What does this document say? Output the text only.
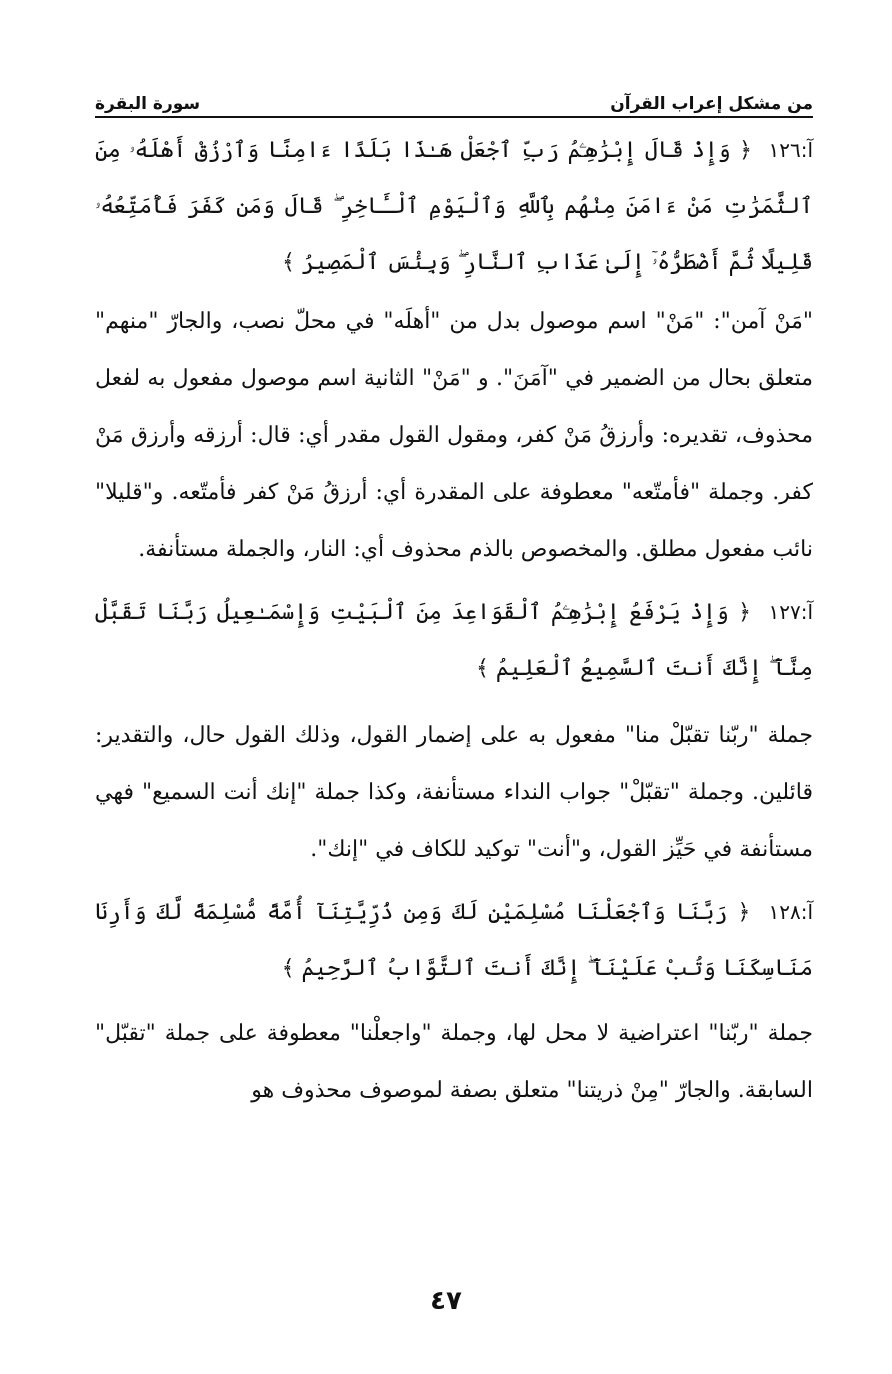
من مشكل إعراب القرآن
سورة البقرة

آ:١٢٦ ﴿ وَإِذْ قَالَ إِبْرَٰهِـۧمُ رَبِّ ٱجْعَلْ هَـٰذَا بَلَدًا ءَامِنًا وَٱرْزُقْ أَهْلَهُۥ مِنَ ٱلثَّمَرَٰتِ مَنْ ءَامَنَ مِنْهُم بِٱللَّهِ وَٱلْيَوْمِ ٱلْـَٔاخِرِ ۖ قَالَ وَمَن كَفَرَ فَأُمَتِّعُهُۥ قَلِيلًا ثُمَّ أَضْطَرُّهُۥٓ إِلَىٰ عَذَابِ ٱلنَّارِ ۖ وَبِئْسَ ٱلْمَصِيرُ ﴾

"مَنْ آمن": "مَنْ" اسم موصول بدل من "أهلَه" في محلّ نصب، والجارّ "منهم" متعلق بحال من الضمير في "آمَنَ". و "مَنْ" الثانية اسم موصول مفعول به لفعل محذوف، تقديره: وأرزقُ مَنْ كفر، ومقول القول مقدر أي: قال: أرزقه وأرزق مَنْ كفر. وجملة "فأمتّعه" معطوفة على المقدرة أي: أرزقُ مَنْ كفر فأمتّعه. و"قليلا" نائب مفعول مطلق. والمخصوص بالذم محذوف أي: النار، والجملة مستأنفة.

آ:١٢٧ ﴿ وَإِذْ يَرْفَعُ إِبْرَٰهِـۧمُ ٱلْقَوَاعِدَ مِنَ ٱلْبَيْتِ وَإِسْمَـٰعِيلُ رَبَّنَا تَقَبَّلْ مِنَّآ ۖ إِنَّكَ أَنتَ ٱلسَّمِيعُ ٱلْعَلِيمُ ﴾

جملة "ربّنا تقبّلْ منا" مفعول به على إضمار القول، وذلك القول حال، والتقدير: قائلين. وجملة "تقبّلْ" جواب النداء مستأنفة، وكذا جملة "إنك أنت السميع" فهي مستأنفة في حَيِّز القول، و"أنت" توكيد للكاف في "إنك".

آ:١٢٨ ﴿ رَبَّنَا وَٱجْعَلْنَا مُسْلِمَيْنِ لَكَ وَمِن ذُرِّيَّتِنَآ أُمَّةً مُّسْلِمَةً لَّكَ وَأَرِنَا مَنَاسِكَنَا وَتُبْ عَلَيْنَآ ۖ إِنَّكَ أَنتَ ٱلتَّوَّابُ ٱلرَّحِيمُ ﴾

جملة "ربّنا" اعتراضية لا محل لها، وجملة "واجعلْنا" معطوفة على جملة "تقبّل" السابقة. والجارّ "مِنْ ذريتنا" متعلق بصفة لموصوف محذوف هو

٤٧
